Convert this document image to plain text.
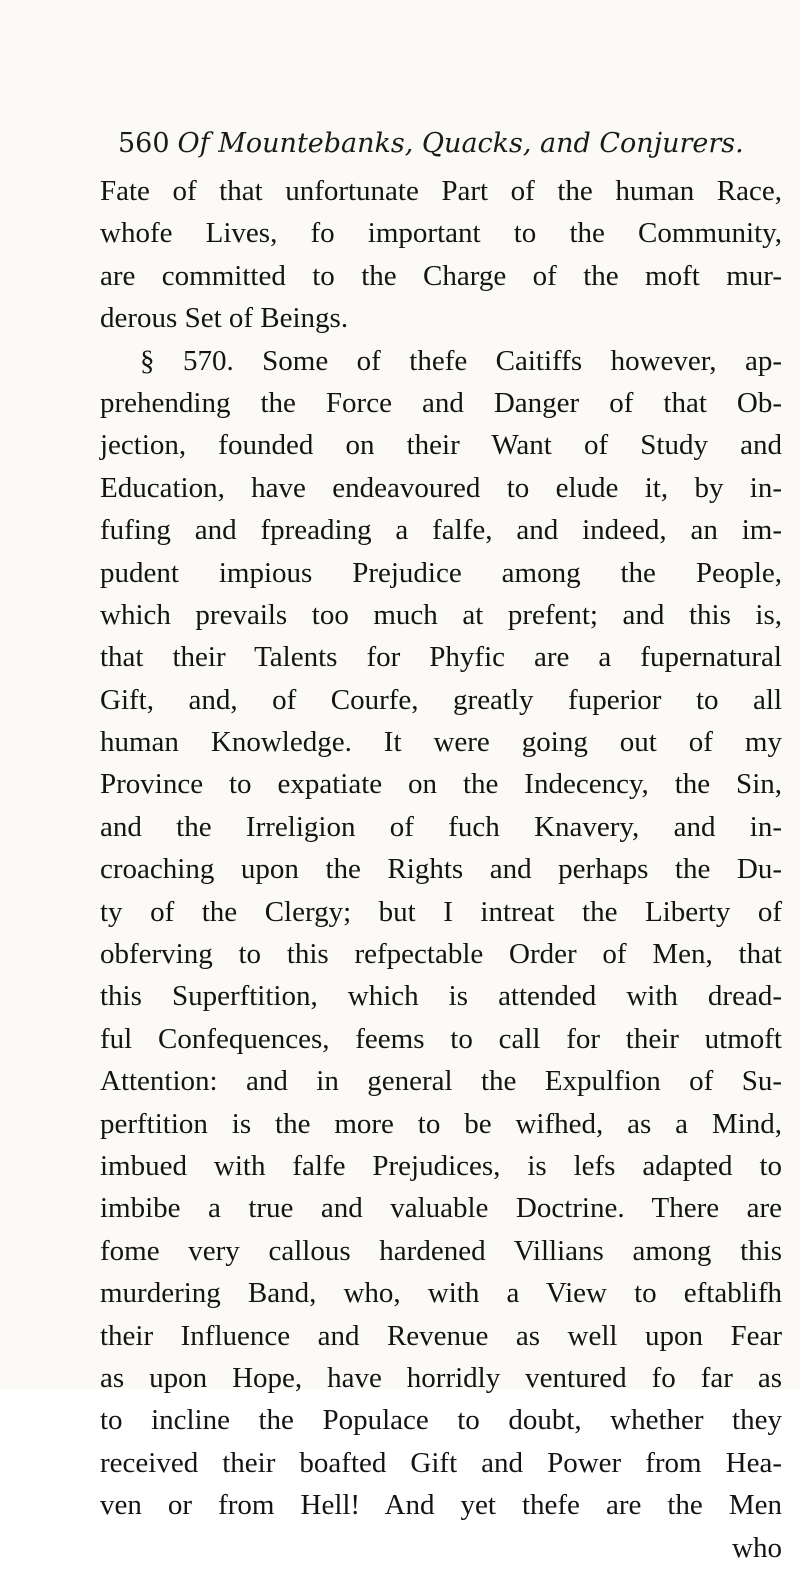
560 Of Mountebanks, Quacks, and Conjurers.
Fate of that unfortunate Part of the human Race,
whofe Lives, fo important to the Community,
are committed to the Charge of the moft mur-
derous Set of Beings.
§ 570. Some of thefe Caitiffs however, ap-
prehending the Force and Danger of that Ob-
jection, founded on their Want of Study and
Education, have endeavoured to elude it, by in-
fufing and fpreading a falfe, and indeed, an im-
pudent impious Prejudice among the People,
which prevails too much at prefent; and this is,
that their Talents for Phyfic are a fupernatural
Gift, and, of Courfe, greatly fuperior to all
human Knowledge. It were going out of my
Province to expatiate on the Indecency, the Sin,
and the Irreligion of fuch Knavery, and in-
croaching upon the Rights and perhaps the Du-
ty of the Clergy; but I intreat the Liberty of
obferving to this refpectable Order of Men, that
this Superftition, which is attended with dread-
ful Confequences, feems to call for their utmoft
Attention: and in general the Expulfion of Su-
perftition is the more to be wifhed, as a Mind,
imbued with falfe Prejudices, is lefs adapted to
imbibe a true and valuable Doctrine. There are
fome very callous hardened Villians among this
murdering Band, who, with a View to eftablifh
their Influence and Revenue as well upon Fear
as upon Hope, have horridly ventured fo far as
to incline the Populace to doubt, whether they
received their boafted Gift and Power from Hea-
ven or from Hell! And yet thefe are the Men
who
